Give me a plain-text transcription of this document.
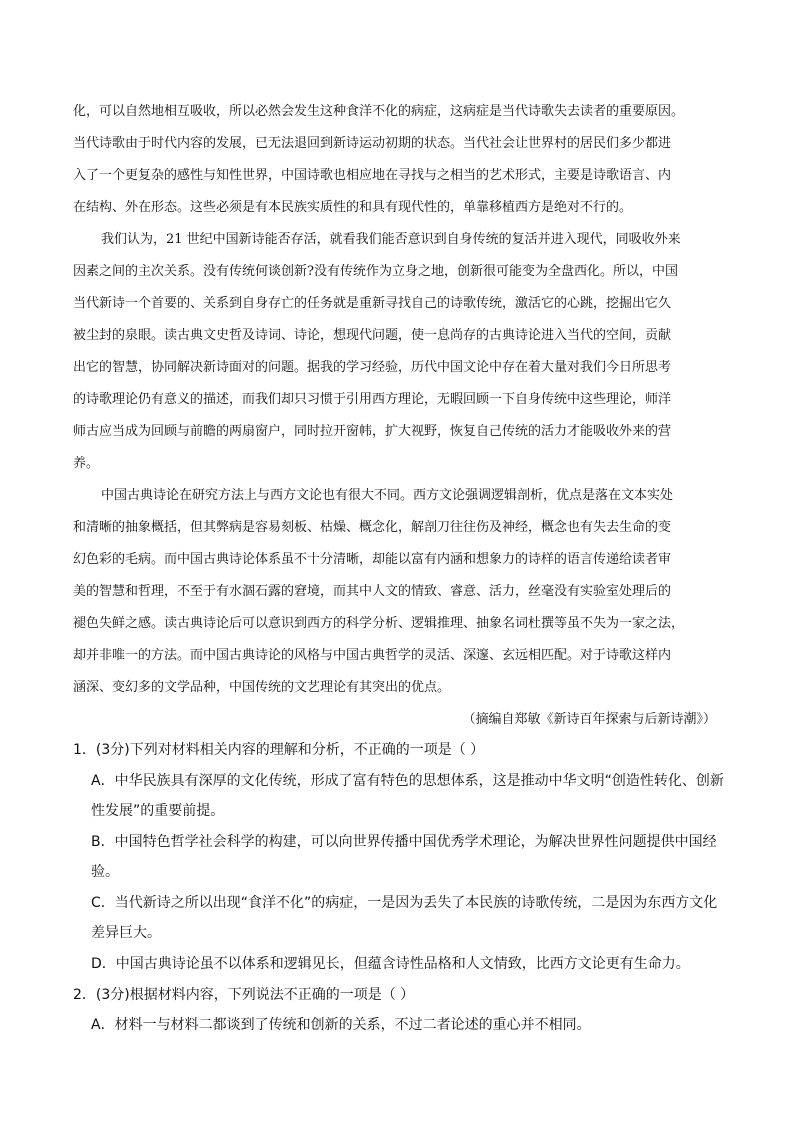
化，可以自然地相互吸收，所以必然会发生这种食洋不化的病症，这病症是当代诗歌失去读者的重要原因。
当代诗歌由于时代内容的发展，已无法退回到新诗运动初期的状态。当代社会让世界村的居民们多少都进
入了一个更复杂的感性与知性世界，中国诗歌也相应地在寻找与之相当的艺术形式，主要是诗歌语言、内
在结构、外在形态。这些必须是有本民族实质性的和具有现代性的，单靠移植西方是绝对不行的。
我们认为，21 世纪中国新诗能否存活，就看我们能否意识到自身传统的复活并进入现代，同吸收外来
因素之间的主次关系。没有传统何谈创新?没有传统作为立身之地，创新很可能变为全盘西化。所以，中国
当代新诗一个首要的、关系到自身存亡的任务就是重新寻找自己的诗歌传统，激活它的心跳，挖掘出它久
被尘封的泉眼。读古典文史哲及诗词、诗论，想现代问题，使一息尚存的古典诗论进入当代的空间，贡献
出它的智慧，协同解决新诗面对的问题。据我的学习经验，历代中国文论中存在着大量对我们今日所思考
的诗歌理论仍有意义的描述，而我们却只习惯于引用西方理论，无暇回顾一下自身传统中这些理论，师洋
师古应当成为回顾与前瞻的两扇窗户，同时拉开窗帏，扩大视野，恢复自己传统的活力才能吸收外来的营
养。
中国古典诗论在研究方法上与西方文论也有很大不同。西方文论强调逻辑剖析，优点是落在文本实处
和清晰的抽象概括，但其弊病是容易刻板、枯燥、概念化，解剖刀往往伤及神经，概念也有失去生命的变
幻色彩的毛病。而中国古典诗论体系虽不十分清晰，却能以富有内涵和想象力的诗样的语言传递给读者审
美的智慧和哲理，不至于有水涸石露的窘境，而其中人文的情致、睿意、活力，丝毫没有实验室处理后的
褪色失鲜之感。读古典诗论后可以意识到西方的科学分析、逻辑推理、抽象名词杜撰等虽不失为一家之法，
却并非唯一的方法。而中国古典诗论的风格与中国古典哲学的灵活、深邃、玄远相匹配。对于诗歌这样内
涵深、变幻多的文学品种，中国传统的文艺理论有其突出的优点。
（摘编自郑敏《新诗百年探索与后新诗潮》）
1．(3分)下列对材料相关内容的理解和分析，不正确的一项是（ ）
A．中华民族具有深厚的文化传统，形成了富有特色的思想体系，这是推动中华文明“创造性转化、创新
性发展”的重要前提。
B．中国特色哲学社会科学的构建，可以向世界传播中国优秀学术理论，为解决世界性问题提供中国经
验。
C．当代新诗之所以出现“食洋不化”的病症，一是因为丢失了本民族的诗歌传统，二是因为东西方文化
差异巨大。
D．中国古典诗论虽不以体系和逻辑见长，但蕴含诗性品格和人文情致，比西方文论更有生命力。
2．(3分)根据材料内容，下列说法不正确的一项是（ ）
A．材料一与材料二都谈到了传统和创新的关系，不过二者论述的重心并不相同。
